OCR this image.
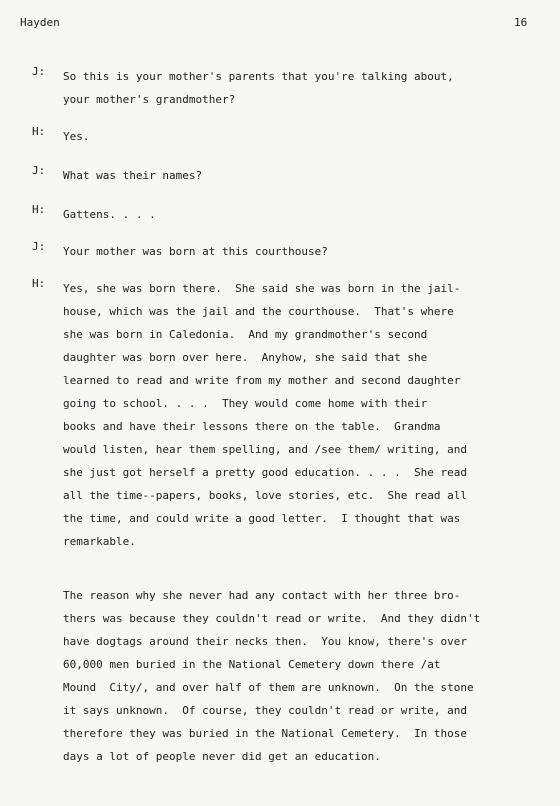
Hayden	16
J: So this is your mother's parents that you're talking about,
your mother's grandmother?
H: Yes.
J: What was their names?
H: Gattens. . . .
J: Your mother was born at this courthouse?
H: Yes, she was born there.  She said she was born in the jail-
house, which was the jail and the courthouse.  That's where
she was born in Caledonia.  And my grandmother's second
daughter was born over here.  Anyhow, she said that she
learned to read and write from my mother and second daughter
going to school. . . .  They would come home with their
books and have their lessons there on the table.  Grandma
would listen, hear them spelling, and /see them/ writing, and
she just got herself a pretty good education. . . .  She read
all the time--papers, books, love stories, etc.  She read all
the time, and could write a good letter.  I thought that was
remarkable.
The reason why she never had any contact with her three bro-
thers was because they couldn't read or write.  And they didn't
have dogtags around their necks then.  You know, there's over
60,000 men buried in the National Cemetery down there /at
Mound  City/, and over half of them are unknown.  On the stone
it says unknown.  Of course, they couldn't read or write, and
therefore they was buried in the National Cemetery.  In those
days a lot of people never did get an education.
